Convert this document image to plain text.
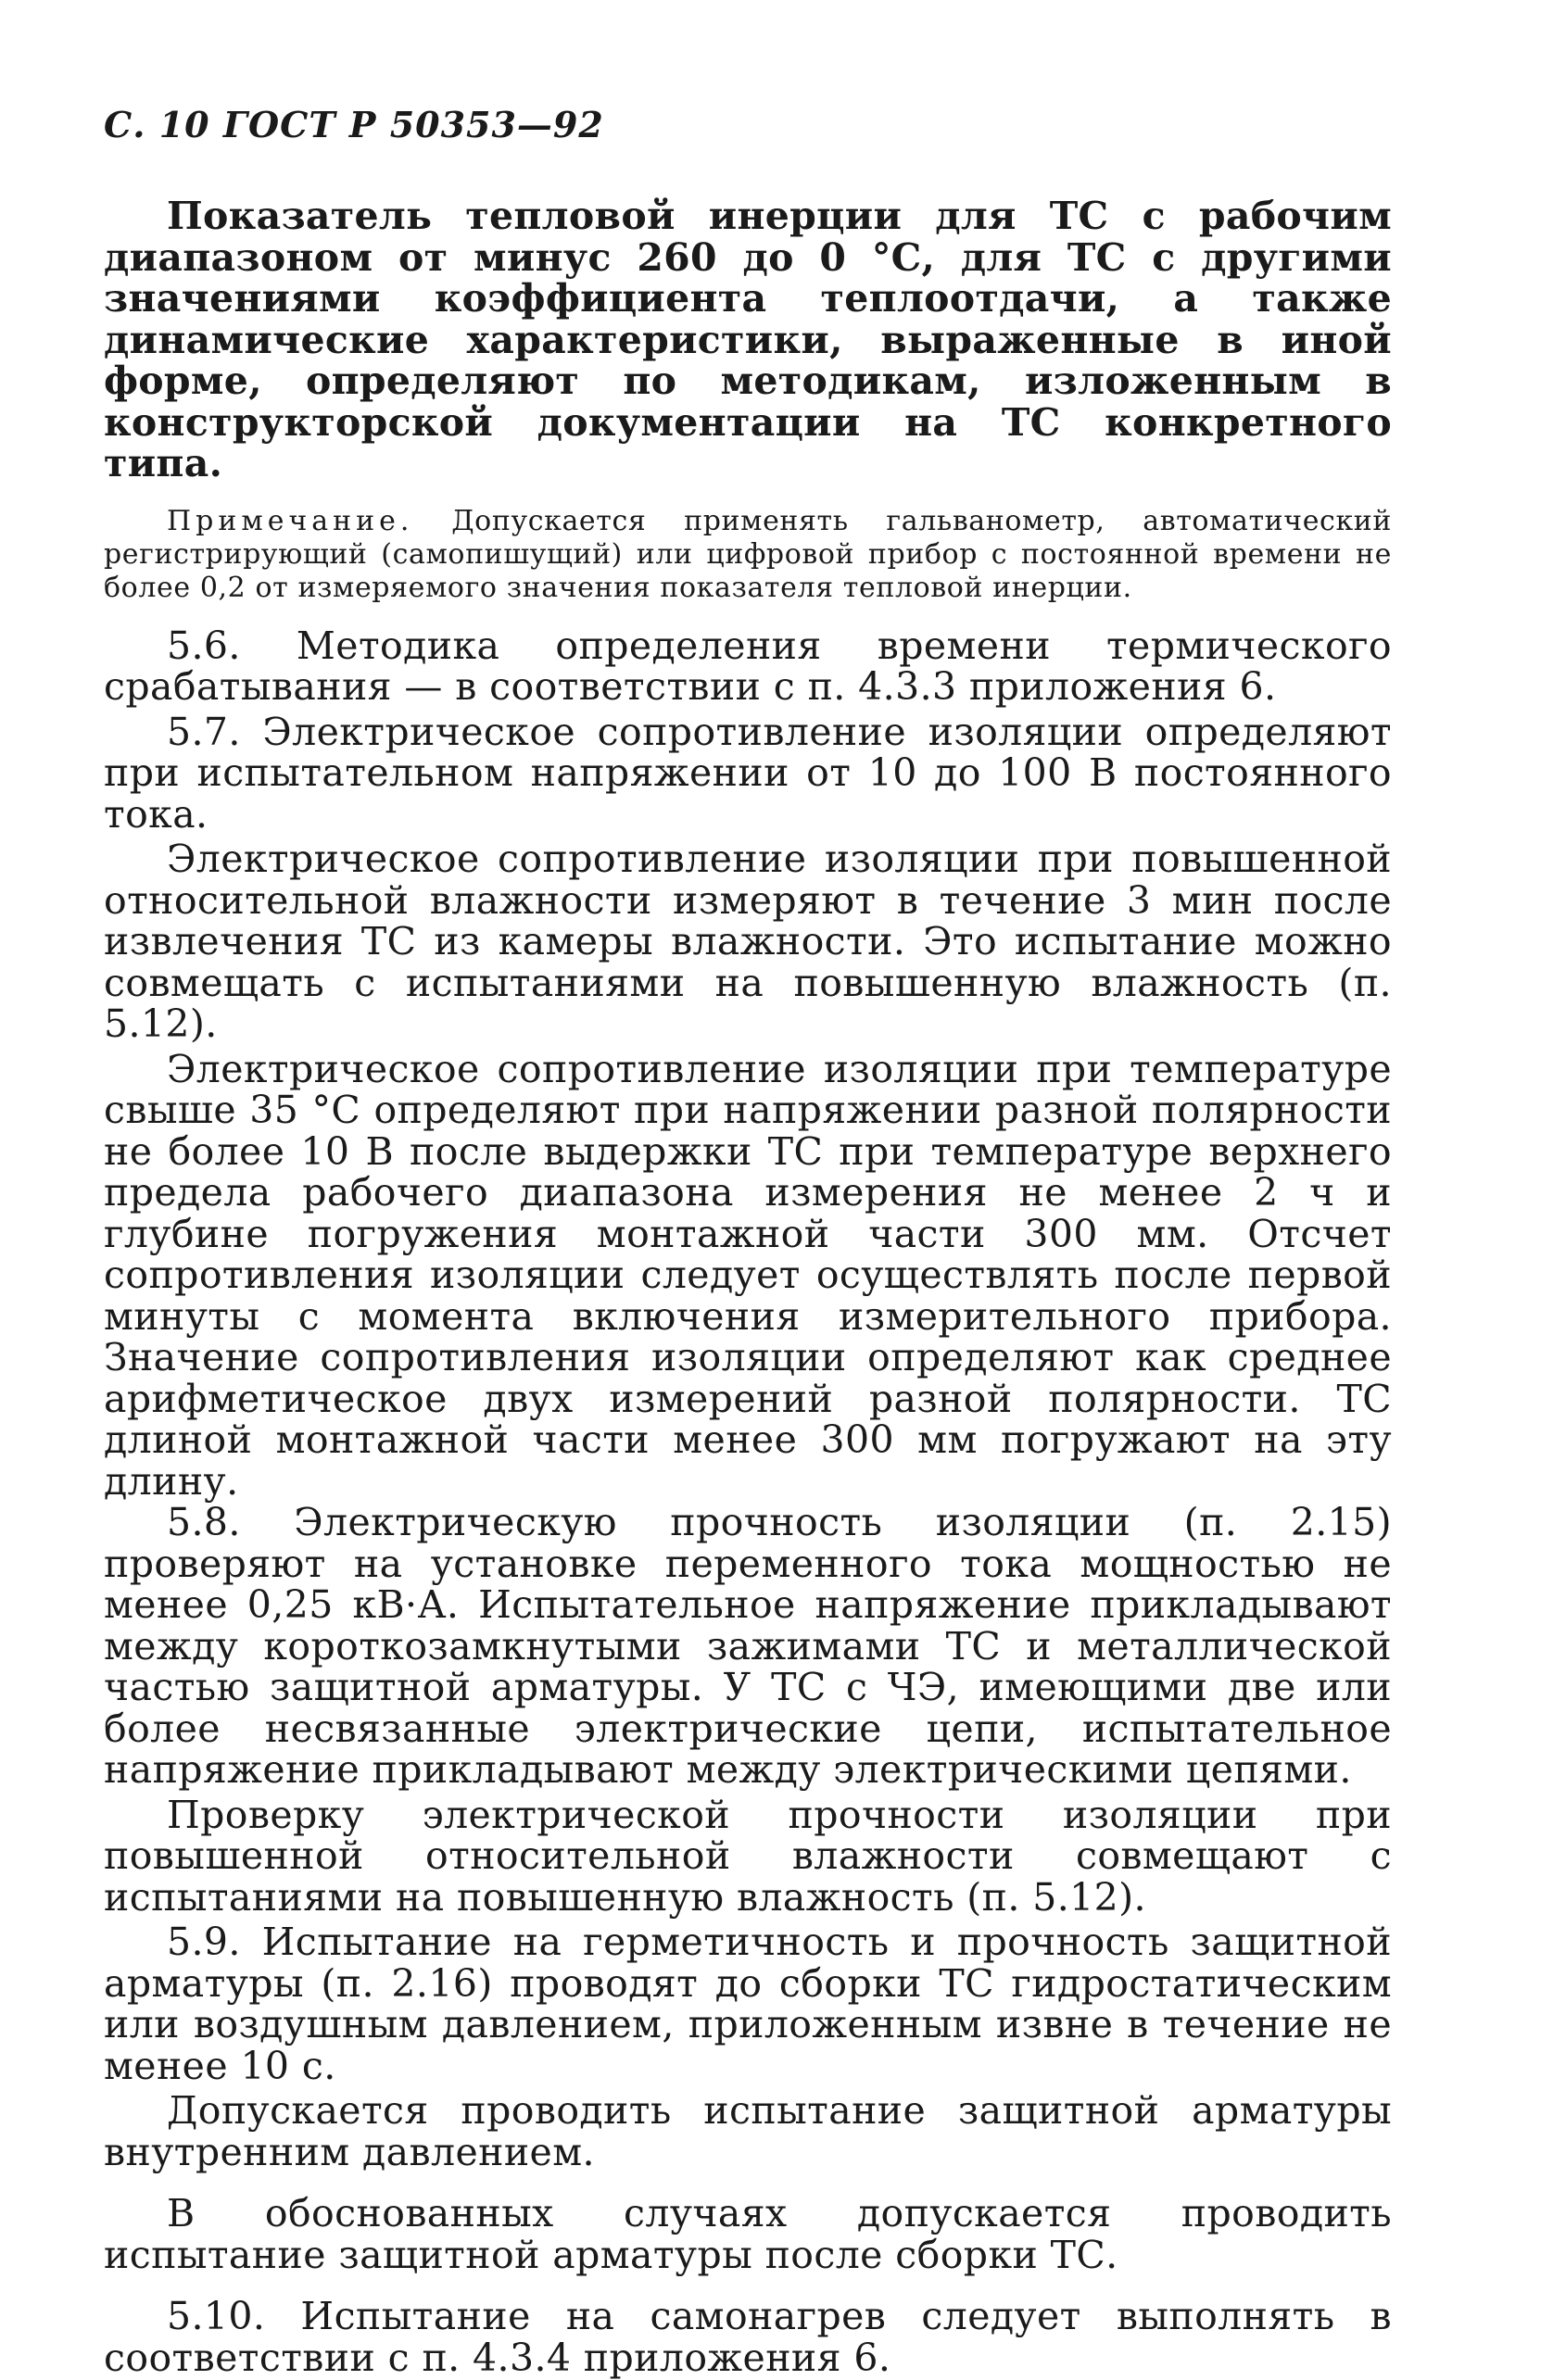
С. 10 ГОСТ Р 50353—92

Показатель тепловой инерции для ТС с рабочим диапазоном от минус 260 до 0 °С, для ТС с другими значениями коэффициента теплоотдачи, а также динамические характеристики, выраженные в иной форме, определяют по методикам, изложенным в конструкторской документации на ТС конкретного типа.

Примечание. Допускается применять гальванометр, автоматический регистрирующий (самопишущий) или цифровой прибор с постоянной времени не более 0,2 от измеряемого значения показателя тепловой инерции.

5.6. Методика определения времени термического срабатывания — в соответствии с п. 4.3.3 приложения 6.

5.7. Электрическое сопротивление изоляции определяют при испытательном напряжении от 10 до 100 В постоянного тока.

Электрическое сопротивление изоляции при повышенной относительной влажности измеряют в течение 3 мин после извлечения ТС из камеры влажности. Это испытание можно совмещать с испытаниями на повышенную влажность (п. 5.12).

Электрическое сопротивление изоляции при температуре свыше 35 °С определяют при напряжении разной полярности не более 10 В после выдержки ТС при температуре верхнего предела рабочего диапазона измерения не менее 2 ч и глубине погружения монтажной части 300 мм. Отсчет сопротивления изоляции следует осуществлять после первой минуты с момента включения измерительного прибора. Значение сопротивления изоляции определяют как среднее арифметическое двух измерений разной полярности. ТС длиной монтажной части менее 300 мм погружают на эту длину.

5.8. Электрическую прочность изоляции (п. 2.15) проверяют на установке переменного тока мощностью не менее 0,25 кВ·А. Испытательное напряжение прикладывают между короткозамкнутыми зажимами ТС и металлической частью защитной арматуры. У ТС с ЧЭ, имеющими две или более несвязанные электрические цепи, испытательное напряжение прикладывают между электрическими цепями.

Проверку электрической прочности изоляции при повышенной относительной влажности совмещают с испытаниями на повышенную влажность (п. 5.12).

5.9. Испытание на герметичность и прочность защитной арматуры (п. 2.16) проводят до сборки ТС гидростатическим или воздушным давлением, приложенным извне в течение не менее 10 с.

Допускается проводить испытание защитной арматуры внутренним давлением.

В обоснованных случаях допускается проводить испытание защитной арматуры после сборки ТС.

5.10. Испытание на самонагрев следует выполнять в соответствии с п. 4.3.4 приложения 6.
